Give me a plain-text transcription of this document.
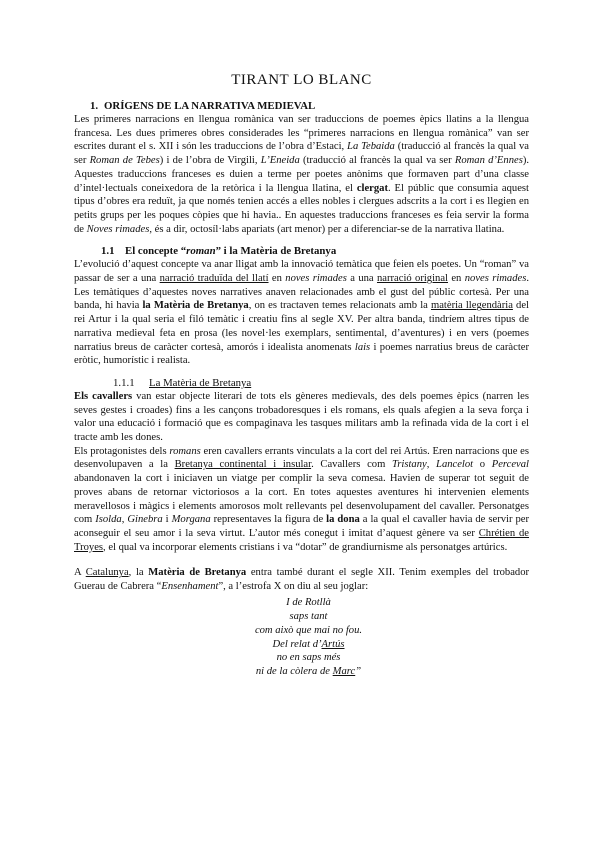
TIRANT LO BLANC
1. ORÍGENS DE LA NARRATIVA MEDIEVAL

Les primeres narracions en llengua romànica van ser traduccions de poemes èpics llatins a la llengua francesa. Les dues primeres obres considerades les “primeres narracions en llengua romànica” van ser escrites durant el s. XII i són les traduccions de l’obra d’Estaci, La Tebaida (traducció al francès la qual va ser Roman de Tebes) i de l’obra de Virgili, L’Eneida (traducció al francès la qual va ser Roman d’Ennes). Aquestes traduccions franceses es duien a terme per poetes anònims que formaven part d’una classe d’intel·lectuals coneixedora de la retòrica i la llengua llatina, el clergat. El públic que consumia aquest tipus d’obres era reduït, ja que només tenien accés a elles nobles i clergues adscrits a la cort i es llegien en petits grups per les poques còpies que hi havia.. En aquestes traduccions franceses es feia servir la forma de Noves rimades, és a dir, octosíl·labs apariats (art menor) per a diferenciar-se de la narrativa llatina.

1.1 El concepte “roman” i la Matèria de Bretanya

L’evolució d’aquest concepte va anar lligat amb la innovació temàtica que feien els poetes. Un “roman” va passar de ser a una narració traduïda del llatí en noves rimades a una narració original en noves rimades. Les temàtiques d’aquestes noves narratives anaven relacionades amb el gust del públic cortesà. Per una banda, hi havia la Matèria de Bretanya, on es tractaven temes relacionats amb la matèria llegendària del rei Artur i la qual seria el filó temàtic i creatiu fins al segle XV. Per altra banda, tindríem altres tipus de narrativa medieval feta en prosa (les novel·les exemplars, sentimental, d’aventures) i en vers (poemes narratius breus de caràcter cortesà, amorós i idealista anomenats lais i poemes narratius breus de caràcter eròtic, humorístic i realista.

1.1.1 La Matèria de Bretanya

Els cavallers van estar objecte literari de tots els gèneres medievals, des dels poemes èpics (narren les seves gestes i croades) fins a les cançons trobadoresques i els romans, els quals afegien a la seva força i valor una educació i formació que es compaginava les tasques militars amb la refinada vida de la cort i el tracte amb les dones.

Els protagonistes dels romans eren cavallers errants vinculats a la cort del rei Artús. Eren narracions que es desenvolupaven a la Bretanya continental i insular. Cavallers com Tristany, Lancelot o Perceval abandonaven la cort i iniciaven un viatge per complir la seva comesa. Havien de superar tot seguit de proves abans de retornar victoriosos a la cort. En totes aquestes aventures hi intervenien elements meravellosos i màgics i elements amorosos molt rellevants pel desenvolupament del cavaller. Personatges com Isolda, Ginebra i Morgana representaves la figura de la dona a la qual el cavaller havia de servir per aconseguir el seu amor i la seva virtut. L’autor més conegut i imitat d’aquest gènere va ser Chrétien de Troyes, el qual va incorporar elements cristians i va “dotar” de grandiurnisme als personatges artúrics.

A Catalunya, la Matèria de Bretanya entra també durant el segle XII. Tenim exemples del trobador Guerau de Cabrera “Ensenhament”, a l’estrofa X on diu al seu joglar:

I de Rotllà
saps tant
com això que mai no fou.
Del relat d’Artús
no en saps més
ni de la còlera de Marc”
